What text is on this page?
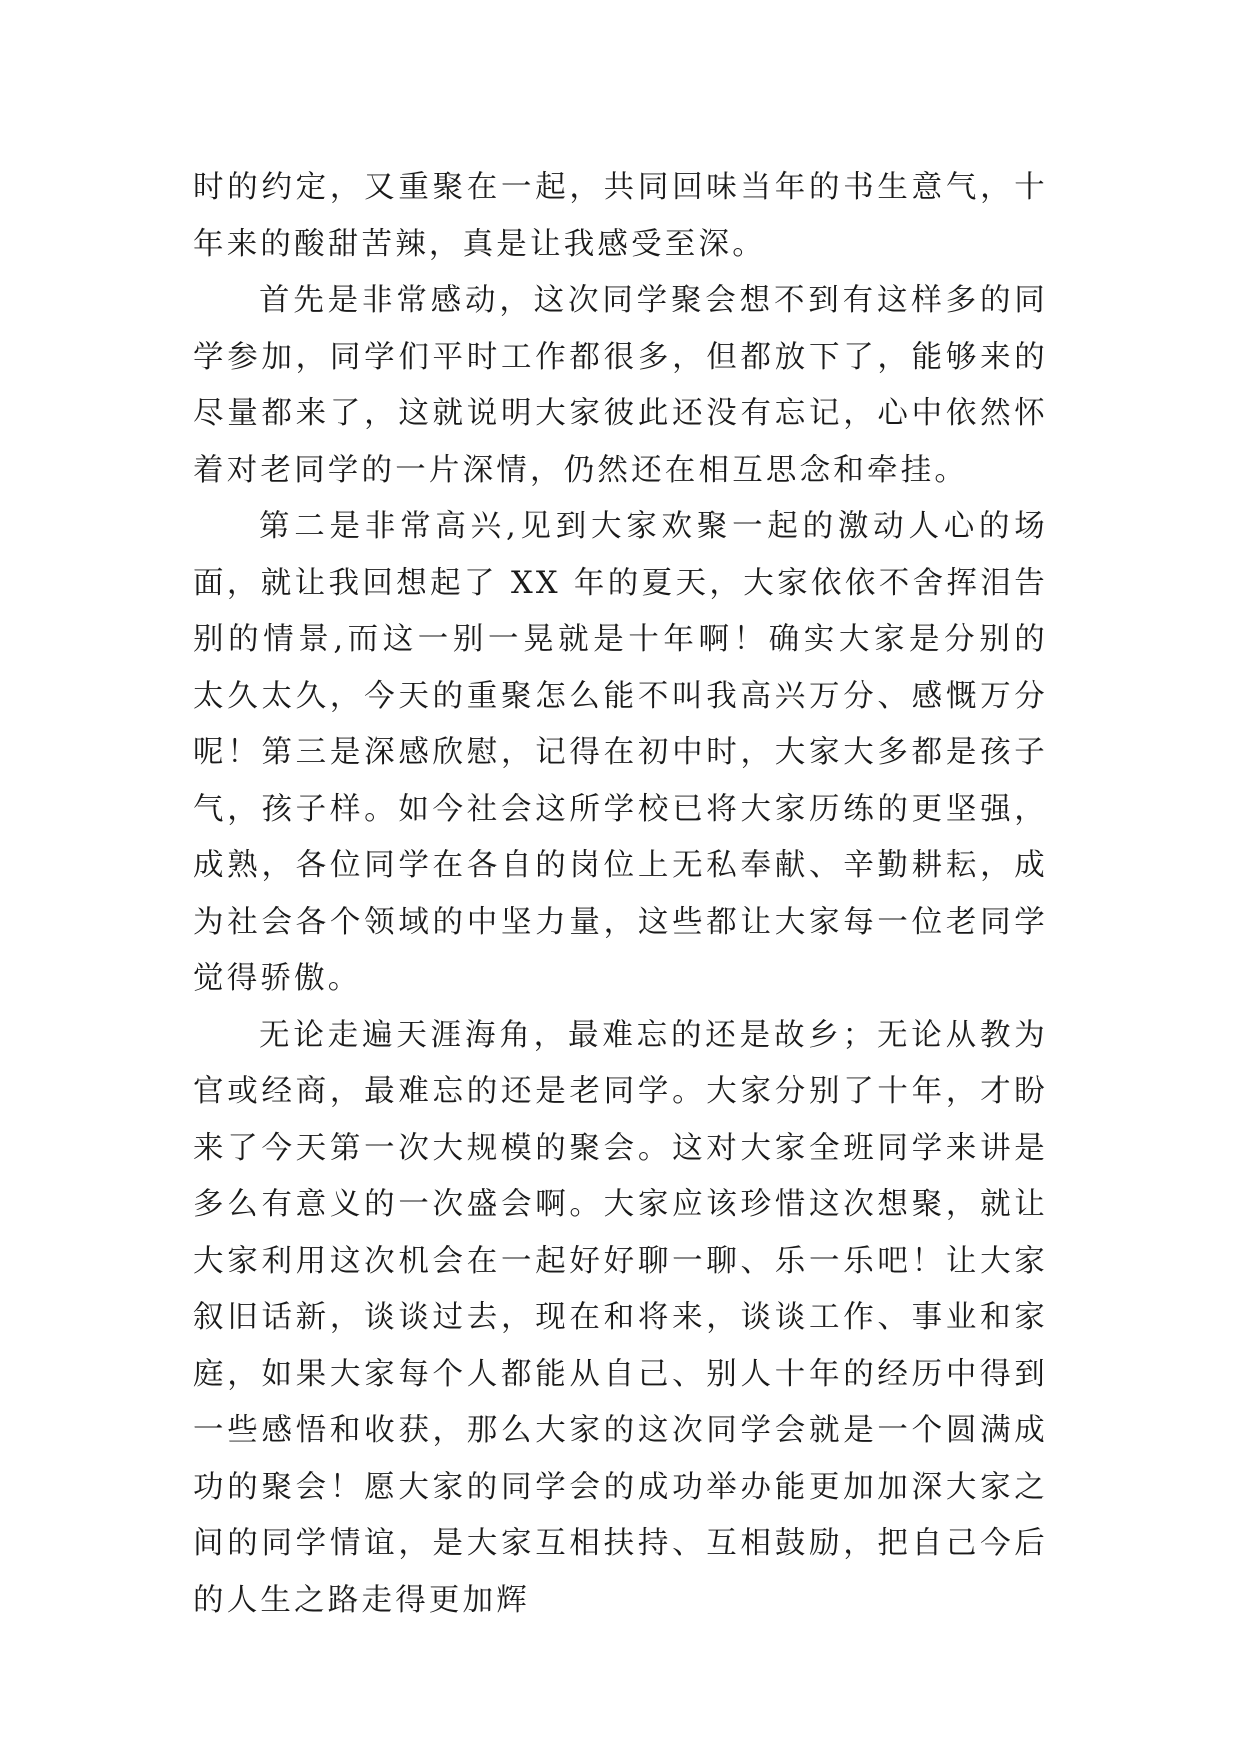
时的约定，又重聚在一起，共同回味当年的书生意气，十年来的酸甜苦辣，真是让我感受至深。

首先是非常感动，这次同学聚会想不到有这样多的同学参加，同学们平时工作都很多，但都放下了，能够来的尽量都来了，这就说明大家彼此还没有忘记，心中依然怀着对老同学的一片深情，仍然还在相互思念和牵挂。

第二是非常高兴,见到大家欢聚一起的激动人心的场面，就让我回想起了 XX 年的夏天，大家依依不舍挥泪告别的情景,而这一别一晃就是十年啊！确实大家是分别的太久太久，今天的重聚怎么能不叫我高兴万分、感慨万分呢！第三是深感欣慰，记得在初中时，大家大多都是孩子气，孩子样。如今社会这所学校已将大家历练的更坚强，成熟，各位同学在各自的岗位上无私奉献、辛勤耕耘，成为社会各个领域的中坚力量，这些都让大家每一位老同学觉得骄傲。

无论走遍天涯海角，最难忘的还是故乡；无论从教为官或经商，最难忘的还是老同学。大家分别了十年，才盼来了今天第一次大规模的聚会。这对大家全班同学来讲是多么有意义的一次盛会啊。大家应该珍惜这次想聚，就让大家利用这次机会在一起好好聊一聊、乐一乐吧！让大家叙旧话新，谈谈过去，现在和将来，谈谈工作、事业和家庭，如果大家每个人都能从自己、别人十年的经历中得到一些感悟和收获，那么大家的这次同学会就是一个圆满成功的聚会！愿大家的同学会的成功举办能更加加深大家之间的同学情谊，是大家互相扶持、互相鼓励，把自己今后的人生之路走得更加辉
